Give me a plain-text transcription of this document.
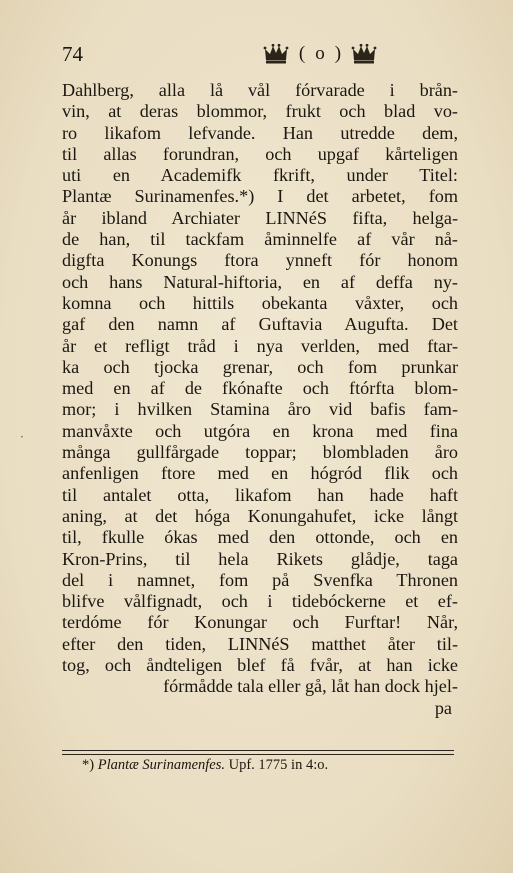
74	( o )
Dahlberg, alla lå vål fórvarade i brån-
vin, at deras blommor, frukt och blad vo-
ro likafom lefvande. Han utredde dem,
til allas forundran, och upgaf kårteligen
uti en Academifk fkrift, under Titel:
Plantæ Surinamenfes.*) I det arbetet, fom
år ibland Archiater LINNéS fifta, helga-
de han, til tackfam åminnelfe af vår nå-
digfta Konungs ftora ynneft fór honom
och hans Natural-hiftoria, en af deffa ny-
komna och hittils obekanta våxter, och
gaf den namn af Guftavia Augufta. Det
år et refligt tråd i nya verlden, med ftar-
ka och tjocka grenar, och fom prunkar
med en af de fkónafte och ftórfta blom-
mor; i hvilken Stamina åro vid bafis fam-
manvåxte och utgóra en krona med fina
många gullfårgade toppar; blombladen åro
anfenligen ftore med en hógród flik och
til antalet otta, likafom han hade haft
aning, at det hóga Konungahufet, icke långt
til, fkulle ókas med den ottonde, och en
Kron-Prins, til hela Rikets glådje, taga
del i namnet, fom på Svenfka Thronen
blifve vålfignadt, och i tidebóckerne et ef-
terdóme fór Konungar och Furftar! Når,
efter den tiden, LINNéS matthet åter til-
tog, och åndteligen blef få fvår, at han icke
fórmådde tala eller gå, låt han dock hjel-
pa
*) Plantæ Surinamenfes. Upf. 1775 in 4:o.
·
